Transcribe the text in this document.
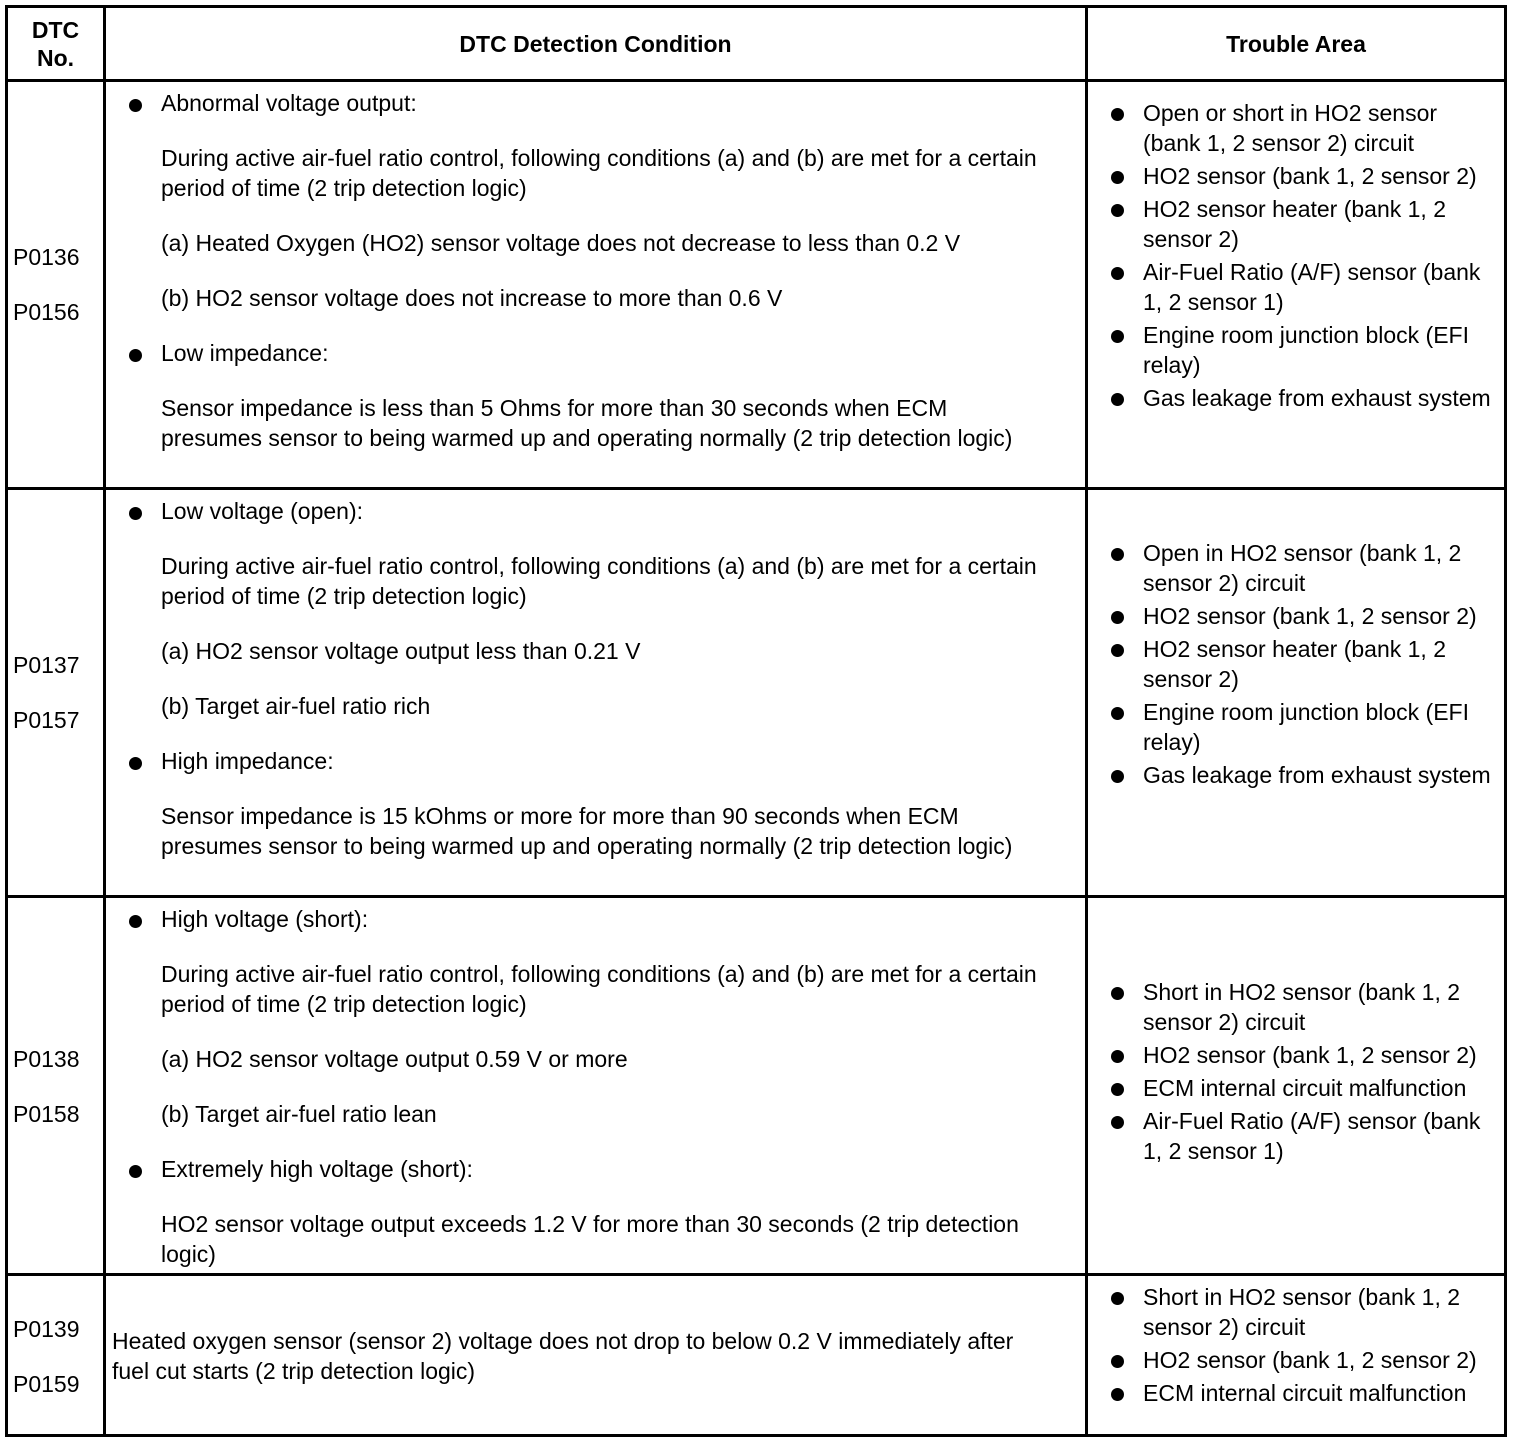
DTC No.
DTC Detection Condition	Trouble Area
P0136
P0156
Abnormal voltage output:
During active air-fuel ratio control, following conditions (a) and (b) are met for a certain period of time (2 trip detection logic)
(a) Heated Oxygen (HO2) sensor voltage does not decrease to less than 0.2 V
(b) HO2 sensor voltage does not increase to more than 0.6 V
Low impedance:
Sensor impedance is less than 5 Ohms for more than 30 seconds when ECM presumes sensor to being warmed up and operating normally (2 trip detection logic)
Open or short in HO2 sensor (bank 1, 2 sensor 2) circuit
HO2 sensor (bank 1, 2 sensor 2)
HO2 sensor heater (bank 1, 2 sensor 2)
Air-Fuel Ratio (A/F) sensor (bank 1, 2 sensor 1)
Engine room junction block (EFI relay)
Gas leakage from exhaust system
P0137
P0157
Low voltage (open):
During active air-fuel ratio control, following conditions (a) and (b) are met for a certain period of time (2 trip detection logic)
(a) HO2 sensor voltage output less than 0.21 V
(b) Target air-fuel ratio rich
High impedance:
Sensor impedance is 15 kOhms or more for more than 90 seconds when ECM presumes sensor to being warmed up and operating normally (2 trip detection logic)
Open in HO2 sensor (bank 1, 2 sensor 2) circuit
HO2 sensor (bank 1, 2 sensor 2)
HO2 sensor heater (bank 1, 2 sensor 2)
Engine room junction block (EFI relay)
Gas leakage from exhaust system
P0138
P0158
High voltage (short):
During active air-fuel ratio control, following conditions (a) and (b) are met for a certain period of time (2 trip detection logic)
(a) HO2 sensor voltage output 0.59 V or more
(b) Target air-fuel ratio lean
Extremely high voltage (short):
HO2 sensor voltage output exceeds 1.2 V for more than 30 seconds (2 trip detection logic)
Short in HO2 sensor (bank 1, 2 sensor 2) circuit
HO2 sensor (bank 1, 2 sensor 2)
ECM internal circuit malfunction
Air-Fuel Ratio (A/F) sensor (bank 1, 2 sensor 1)
P0139
P0159
Heated oxygen sensor (sensor 2) voltage does not drop to below 0.2 V immediately after fuel cut starts (2 trip detection logic)
Short in HO2 sensor (bank 1, 2 sensor 2) circuit
HO2 sensor (bank 1, 2 sensor 2)
ECM internal circuit malfunction
